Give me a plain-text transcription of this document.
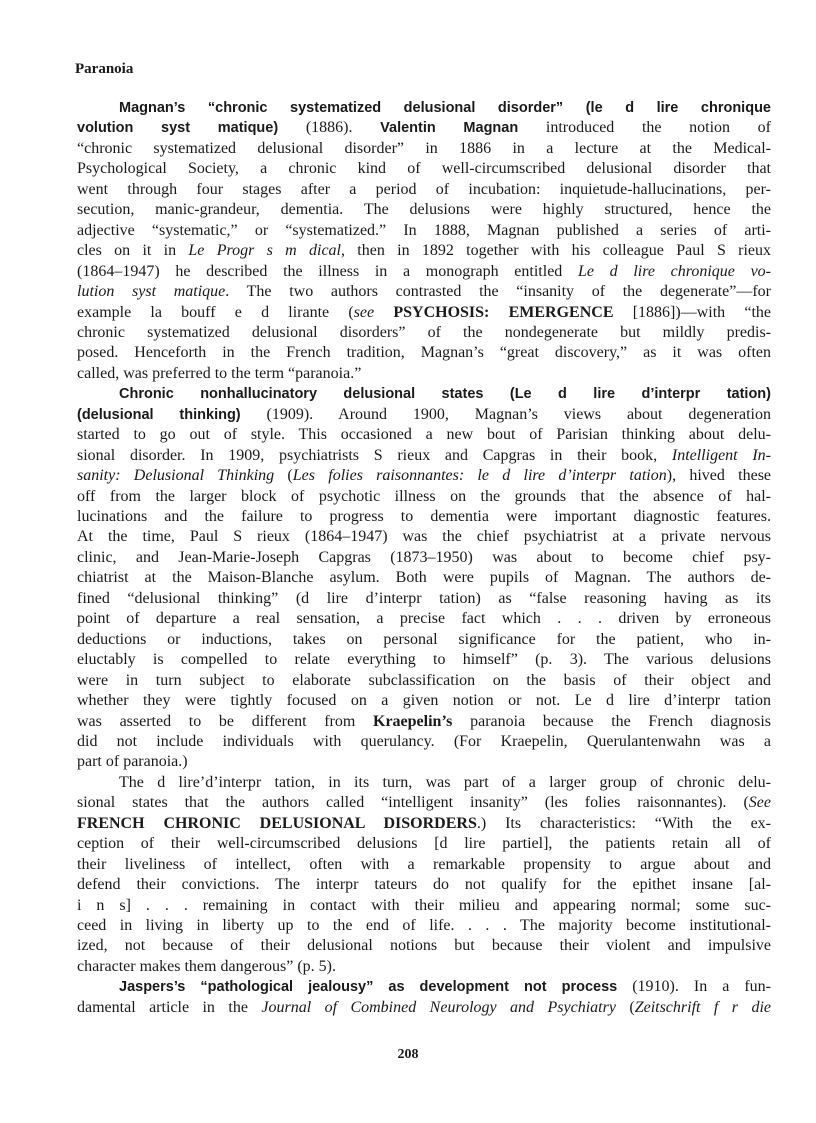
Paranoia
Magnan’s “chronic systematized delusional disorder” (le d lire chronique
volution syst matique) (1886). Valentin Magnan introduced the notion of
“chronic systematized delusional disorder” in 1886 in a lecture at the Medical-
Psychological Society, a chronic kind of well-circumscribed delusional disorder that
went through four stages after a period of incubation: inquietude-hallucinations, per-
secution, manic-grandeur, dementia. The delusions were highly structured, hence the
adjective “systematic,” or “systematized.” In 1888, Magnan published a series of arti-
cles on it in Le Progr s m dical, then in 1892 together with his colleague Paul S rieux
(1864–1947) he described the illness in a monograph entitled Le d lire chronique vo-
lution syst matique. The two authors contrasted the “insanity of the degenerate”—for
example la bouff e d lirante (see PSYCHOSIS: EMERGENCE [1886])—with “the
chronic systematized delusional disorders” of the nondegenerate but mildly predis-
posed. Henceforth in the French tradition, Magnan’s “great discovery,” as it was often
called, was preferred to the term “paranoia.”
Chronic nonhallucinatory delusional states (Le d lire d’interpr tation)
(delusional thinking) (1909). Around 1900, Magnan’s views about degeneration
started to go out of style. This occasioned a new bout of Parisian thinking about delu-
sional disorder. In 1909, psychiatrists S rieux and Capgras in their book, Intelligent In-
sanity: Delusional Thinking (Les folies raisonnantes: le d lire d’interpr tation), hived these
off from the larger block of psychotic illness on the grounds that the absence of hal-
lucinations and the failure to progress to dementia were important diagnostic features.
At the time, Paul S rieux (1864–1947) was the chief psychiatrist at a private nervous
clinic, and Jean-Marie-Joseph Capgras (1873–1950) was about to become chief psy-
chiatrist at the Maison-Blanche asylum. Both were pupils of Magnan. The authors de-
fined “delusional thinking” (d lire d’interpr tation) as “false reasoning having as its
point of departure a real sensation, a precise fact which . . . driven by erroneous
deductions or inductions, takes on personal significance for the patient, who in-
eluctably is compelled to relate everything to himself” (p. 3). The various delusions
were in turn subject to elaborate subclassification on the basis of their object and
whether they were tightly focused on a given notion or not. Le d lire d’interpr tation
was asserted to be different from Kraepelin’s paranoia because the French diagnosis
did not include individuals with querulancy. (For Kraepelin, Querulantenwahn was a
part of paranoia.)
The d lire’d’interpr tation, in its turn, was part of a larger group of chronic delu-
sional states that the authors called “intelligent insanity” (les folies raisonnantes). (See
FRENCH CHRONIC DELUSIONAL DISORDERS.) Its characteristics: “With the ex-
ception of their well-circumscribed delusions [d lire partiel], the patients retain all of
their liveliness of intellect, often with a remarkable propensity to argue about and
defend their convictions. The interpr tateurs do not qualify for the epithet insane [al-
i n s] . . . remaining in contact with their milieu and appearing normal; some suc-
ceed in living in liberty up to the end of life. . . . The majority become institutional-
ized, not because of their delusional notions but because their violent and impulsive
character makes them dangerous” (p. 5).
Jaspers’s “pathological jealousy” as development not process (1910). In a fun-
damental article in the Journal of Combined Neurology and Psychiatry (Zeitschrift f r die
208
